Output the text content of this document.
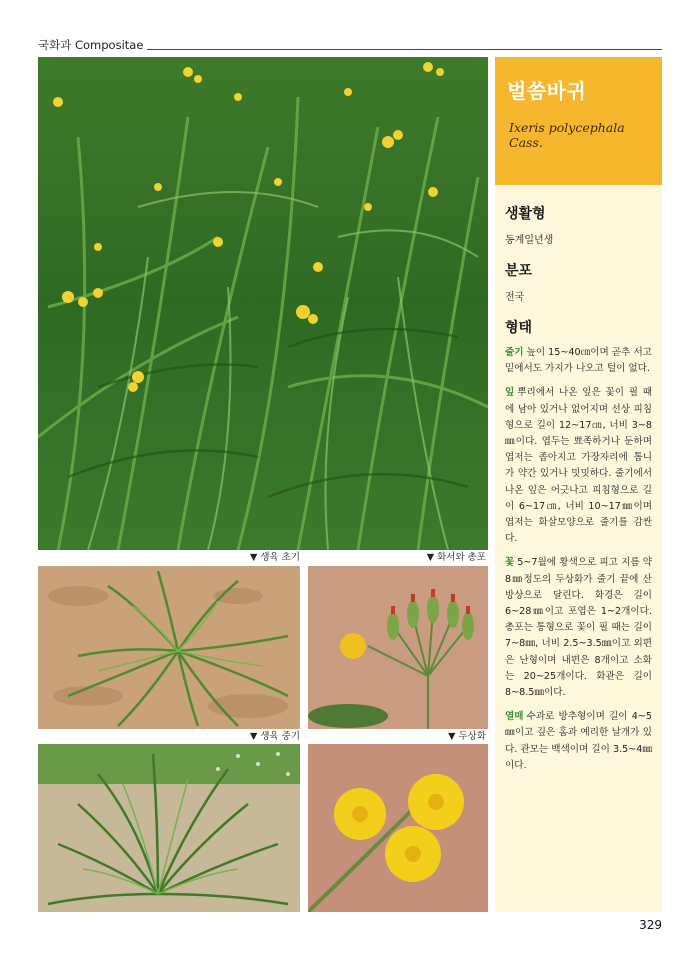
국화과 Compositae
▼ 생육 초기	▼ 화서와 총포
▼ 생육 중기	▼ 두상화
벌씀바귀
Ixeris polycephala Cass.
생활형
동계일년생
분포
전국
형태
줄기 높이 15~40㎝이며 곧추 서고 밑에서도 가지가 나오고 털이 없다.
잎 뿌리에서 나온 잎은 꽃이 필 때에 남아 있거나 없어지며 선상 피침형으로 길이 12~17㎝, 너비 3~8㎜이다. 엽두는 뾰족하거나 둔하며 엽저는 좁아지고 가장자리에 톱니가 약간 있거나 밋밋하다. 줄기에서 나온 잎은 어긋나고 피침형으로 길이 6~17㎝, 너비 10~17㎜이며 엽저는 화살모양으로 줄기를 감싼다.
꽃 5~7월에 황색으로 피고 지름 약 8㎜정도의 두상화가 줄기 끝에 산방상으로 달린다. 화경은 길이 6~28㎜이고 포엽은 1~2개이다. 총포는 통형으로 꽃이 필 때는 길이 7~8㎜, 너비 2.5~3.5㎜이고 외편은 난형이며 내편은 8개이고 소화는 20~25개이다. 화관은 길이 8~8.5㎜이다.
열매 수과로 방추형이며 길이 4~5㎜이고 깊은 홈과 예리한 날개가 있다. 관모는 백색이며 길이 3.5~4㎜이다.
329
